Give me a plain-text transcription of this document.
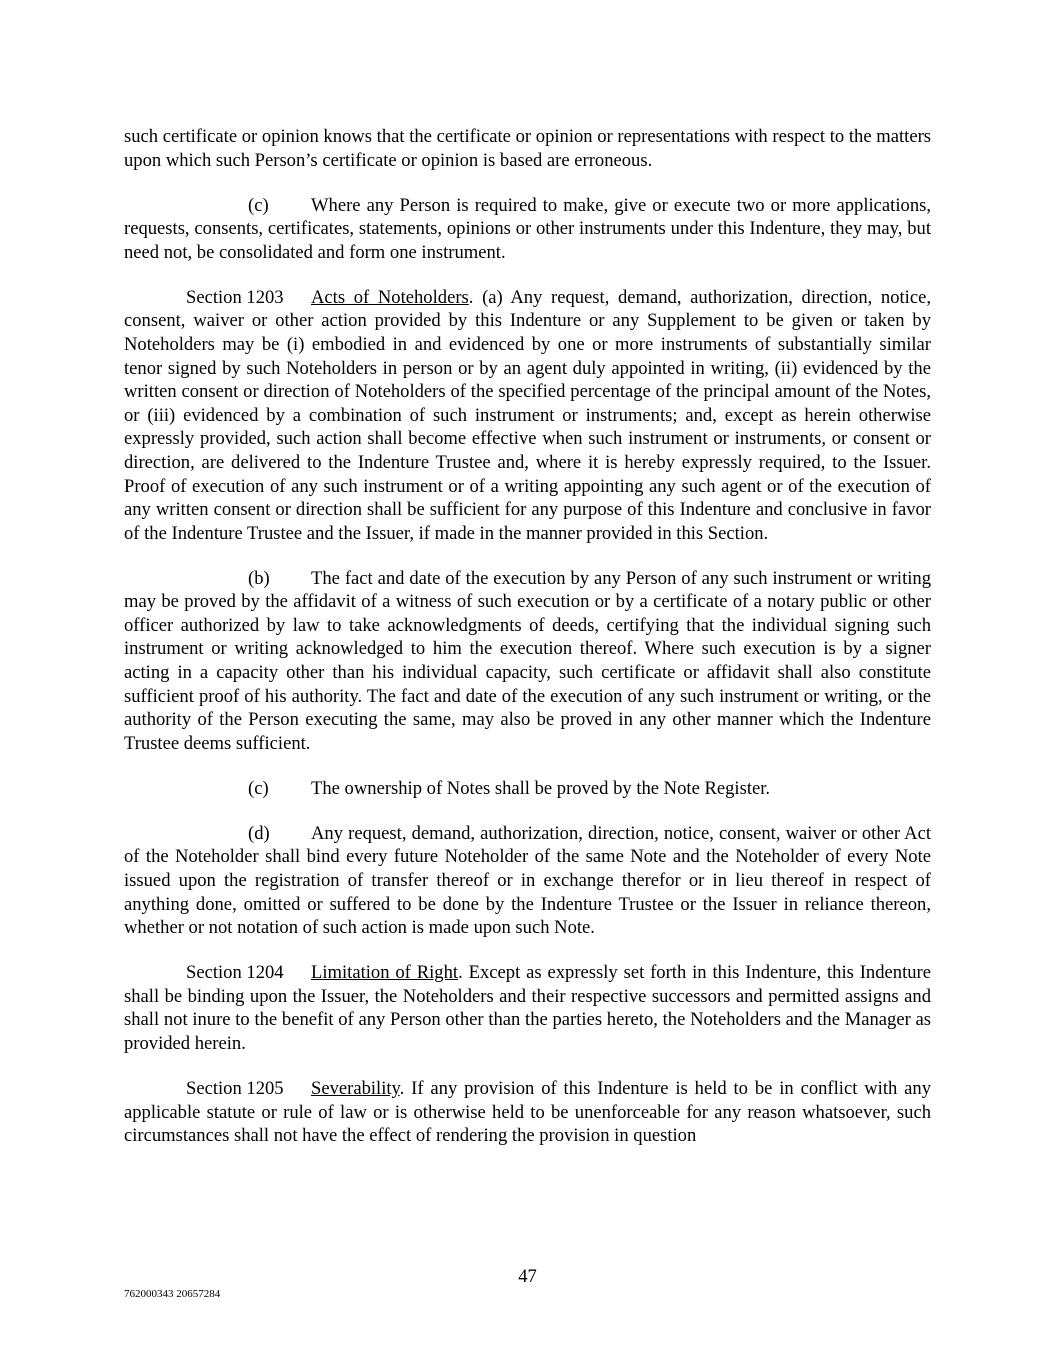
such certificate or opinion knows that the certificate or opinion or representations with respect to the matters upon which such Person’s certificate or opinion is based are erroneous.

(c) Where any Person is required to make, give or execute two or more applications, requests, consents, certificates, statements, opinions or other instruments under this Indenture, they may, but need not, be consolidated and form one instrument.

Section 1203 Acts of Noteholders. (a) Any request, demand, authorization, direction, notice, consent, waiver or other action provided by this Indenture or any Supplement to be given or taken by Noteholders may be (i) embodied in and evidenced by one or more instruments of substantially similar tenor signed by such Noteholders in person or by an agent duly appointed in writing, (ii) evidenced by the written consent or direction of Noteholders of the specified percentage of the principal amount of the Notes, or (iii) evidenced by a combination of such instrument or instruments; and, except as herein otherwise expressly provided, such action shall become effective when such instrument or instruments, or consent or direction, are delivered to the Indenture Trustee and, where it is hereby expressly required, to the Issuer. Proof of execution of any such instrument or of a writing appointing any such agent or of the execution of any written consent or direction shall be sufficient for any purpose of this Indenture and conclusive in favor of the Indenture Trustee and the Issuer, if made in the manner provided in this Section.

(b) The fact and date of the execution by any Person of any such instrument or writing may be proved by the affidavit of a witness of such execution or by a certificate of a notary public or other officer authorized by law to take acknowledgments of deeds, certifying that the individual signing such instrument or writing acknowledged to him the execution thereof. Where such execution is by a signer acting in a capacity other than his individual capacity, such certificate or affidavit shall also constitute sufficient proof of his authority. The fact and date of the execution of any such instrument or writing, or the authority of the Person executing the same, may also be proved in any other manner which the Indenture Trustee deems sufficient.

(c) The ownership of Notes shall be proved by the Note Register.

(d) Any request, demand, authorization, direction, notice, consent, waiver or other Act of the Noteholder shall bind every future Noteholder of the same Note and the Noteholder of every Note issued upon the registration of transfer thereof or in exchange therefor or in lieu thereof in respect of anything done, omitted or suffered to be done by the Indenture Trustee or the Issuer in reliance thereon, whether or not notation of such action is made upon such Note.

Section 1204 Limitation of Right. Except as expressly set forth in this Indenture, this Indenture shall be binding upon the Issuer, the Noteholders and their respective successors and permitted assigns and shall not inure to the benefit of any Person other than the parties hereto, the Noteholders and the Manager as provided herein.

Section 1205 Severability. If any provision of this Indenture is held to be in conflict with any applicable statute or rule of law or is otherwise held to be unenforceable for any reason whatsoever, such circumstances shall not have the effect of rendering the provision in question

47
762000343 20657284
